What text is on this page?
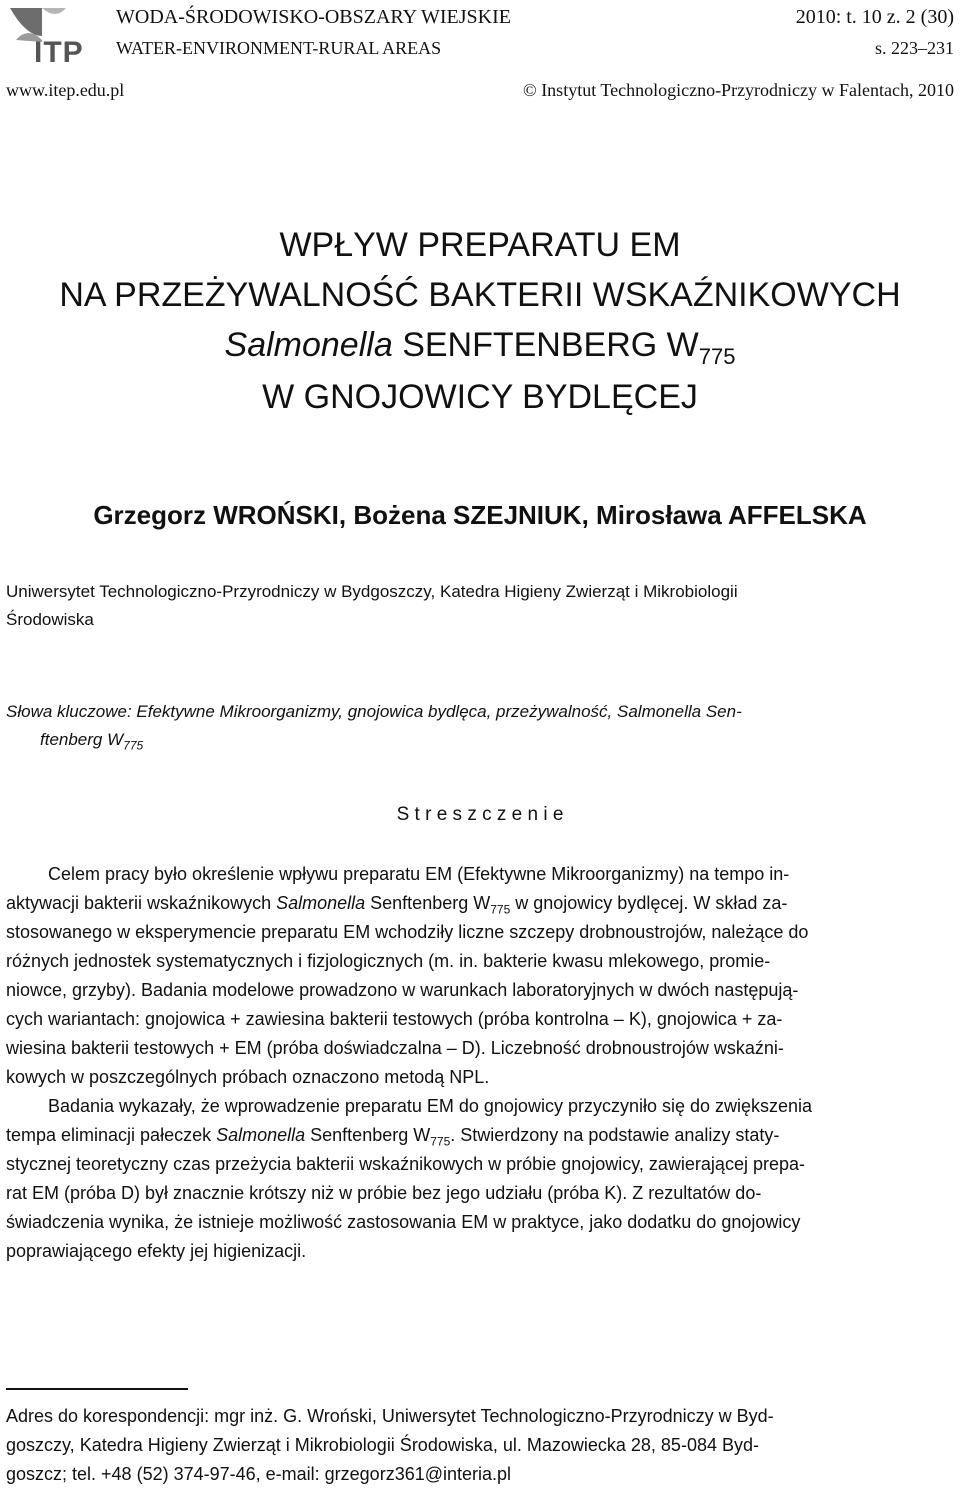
ITP
WODA-ŚRODOWISKO-OBSZARY WIEJSKIE
WATER-ENVIRONMENT-RURAL AREAS
2010: t. 10 z. 2 (30)
s. 223–231
www.itep.edu.pl	© Instytut Technologiczno-Przyrodniczy w Falentach, 2010
WPŁYW PREPARATU EM
NA PRZEŻYWALNOŚĆ BAKTERII WSKAŹNIKOWYCH
Salmonella SENFTENBERG $W_{775}$
W GNOJOWICY BYDLĘCEJ
Grzegorz WROŃSKI, Bożena SZEJNIUK, Mirosława AFFELSKA
Uniwersytet Technologiczno-Przyrodniczy w Bydgoszczy, Katedra Higieny Zwierząt i Mikrobiologii
Środowiska
Słowa kluczowe: Efektywne Mikroorganizmy, gnojowica bydlęca, przeżywalność, Salmonella Sen-
ftenberg $W_{775}$
S t r e s z c z e n i e
Celem pracy było określenie wpływu preparatu EM (Efektywne Mikroorganizmy) na tempo in-
aktywacji bakterii wskaźnikowych Salmonella Senftenberg $W_{775}$ w gnojowicy bydlęcej. W skład za-
stosowanego w eksperymencie preparatu EM wchodziły liczne szczepy drobnoustrojów, należące do
różnych jednostek systematycznych i fizjologicznych (m. in. bakterie kwasu mlekowego, promie-
niowce, grzyby). Badania modelowe prowadzono w warunkach laboratoryjnych w dwóch następują-
cych wariantach: gnojowica + zawiesina bakterii testowych (próba kontrolna – K), gnojowica + za-
wiesina bakterii testowych + EM (próba doświadczalna – D). Liczebność drobnoustrojów wskaźni-
kowych w poszczególnych próbach oznaczono metodą NPL.
Badania wykazały, że wprowadzenie preparatu EM do gnojowicy przyczyniło się do zwiększenia
tempa eliminacji pałeczek Salmonella Senftenberg $W_{775}$. Stwierdzony na podstawie analizy staty-
stycznej teoretyczny czas przeżycia bakterii wskaźnikowych w próbie gnojowicy, zawierającej prepa-
rat EM (próba D) był znacznie krótszy niż w próbie bez jego udziału (próba K). Z rezultatów do-
świadczenia wynika, że istnieje możliwość zastosowania EM w praktyce, jako dodatku do gnojowicy
poprawiającego efekty jej higienizacji.
Adres do korespondencji: mgr inż. G. Wroński, Uniwersytet Technologiczno-Przyrodniczy w Byd-
goszczy, Katedra Higieny Zwierząt i Mikrobiologii Środowiska, ul. Mazowiecka 28, 85-084 Byd-
goszcz; tel. +48 (52) 374-97-46, e-mail: grzegorz361@interia.pl
